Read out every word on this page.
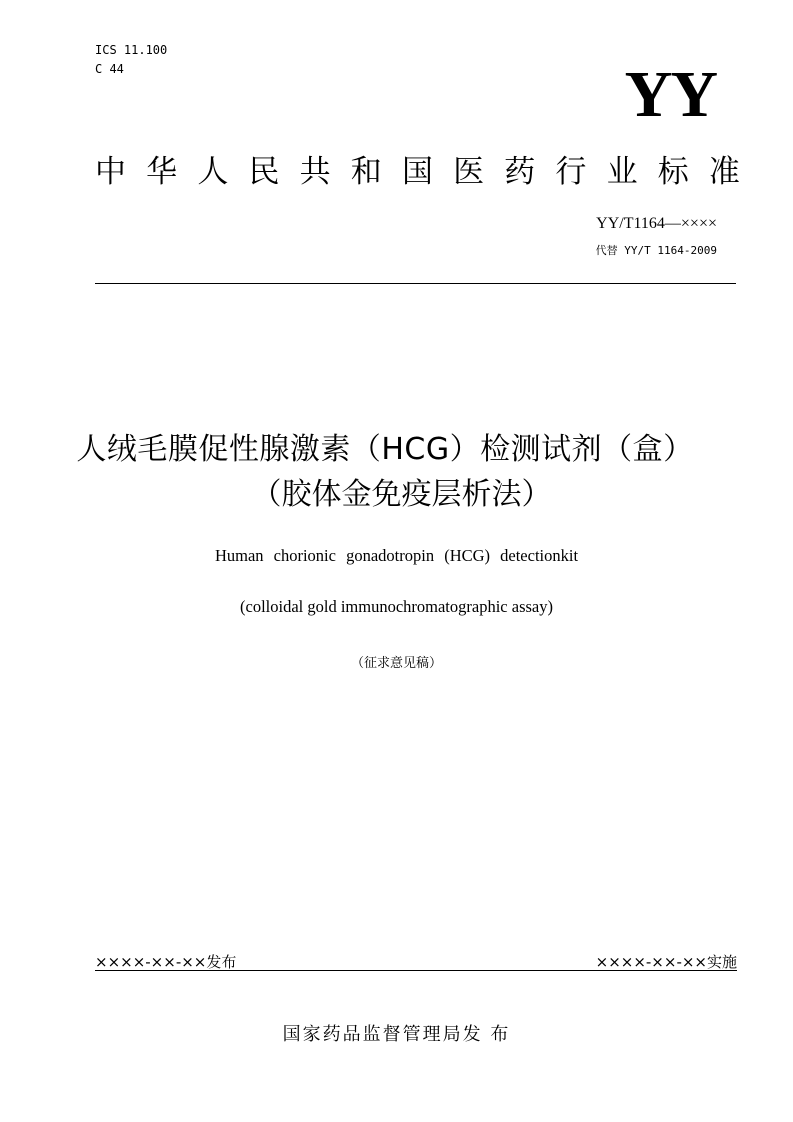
ICS 11.100
C 44	YY
中 华 人 民 共 和 国 医 药 行 业 标 准
YY/T1164—××××
代替 YY/T 1164-2009
人绒毛膜促性腺激素（HCG）检测试剂（盒）
（胶体金免疫层析法）
Human chorionic gonadotropin (HCG) detectionkit
(colloidal gold immunochromatographic assay)
（征求意见稿）
××××-××-××发布	××××-××-××实施
国家药品监督管理局发 布
